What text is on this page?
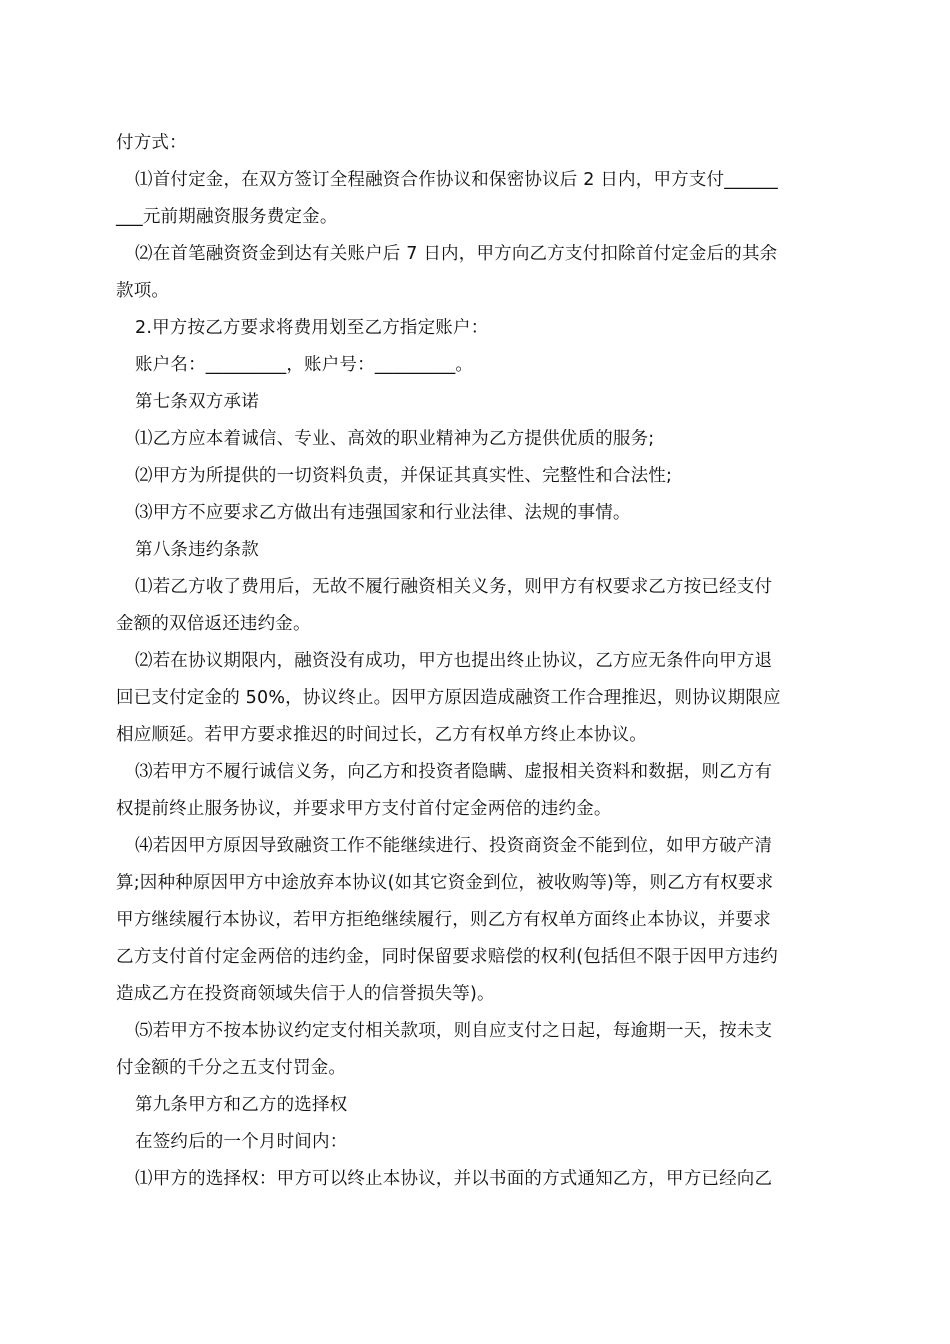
付方式：
⑴首付定金，在双方签订全程融资合作协议和保密协议后 2 日内，甲方支付______
___元前期融资服务费定金。
⑵在首笔融资资金到达有关账户后 7 日内，甲方向乙方支付扣除首付定金后的其余
款项。
2.甲方按乙方要求将费用划至乙方指定账户：
账户名：_________，账户号：_________。
第七条双方承诺
⑴乙方应本着诚信、专业、高效的职业精神为乙方提供优质的服务;
⑵甲方为所提供的一切资料负责，并保证其真实性、完整性和合法性;
⑶甲方不应要求乙方做出有违强国家和行业法律、法规的事情。
第八条违约条款
⑴若乙方收了费用后，无故不履行融资相关义务，则甲方有权要求乙方按已经支付
金额的双倍返还违约金。
⑵若在协议期限内，融资没有成功，甲方也提出终止协议，乙方应无条件向甲方退
回已支付定金的 50%，协议终止。因甲方原因造成融资工作合理推迟，则协议期限应
相应顺延。若甲方要求推迟的时间过长，乙方有权单方终止本协议。
⑶若甲方不履行诚信义务，向乙方和投资者隐瞒、虚报相关资料和数据，则乙方有
权提前终止服务协议，并要求甲方支付首付定金两倍的违约金。
⑷若因甲方原因导致融资工作不能继续进行、投资商资金不能到位，如甲方破产清
算;因种种原因甲方中途放弃本协议(如其它资金到位，被收购等)等，则乙方有权要求
甲方继续履行本协议，若甲方拒绝继续履行，则乙方有权单方面终止本协议，并要求
乙方支付首付定金两倍的违约金，同时保留要求赔偿的权利(包括但不限于因甲方违约
造成乙方在投资商领域失信于人的信誉损失等)。
⑸若甲方不按本协议约定支付相关款项，则自应支付之日起，每逾期一天，按未支
付金额的千分之五支付罚金。
第九条甲方和乙方的选择权
在签约后的一个月时间内：
⑴甲方的选择权：甲方可以终止本协议，并以书面的方式通知乙方，甲方已经向乙
